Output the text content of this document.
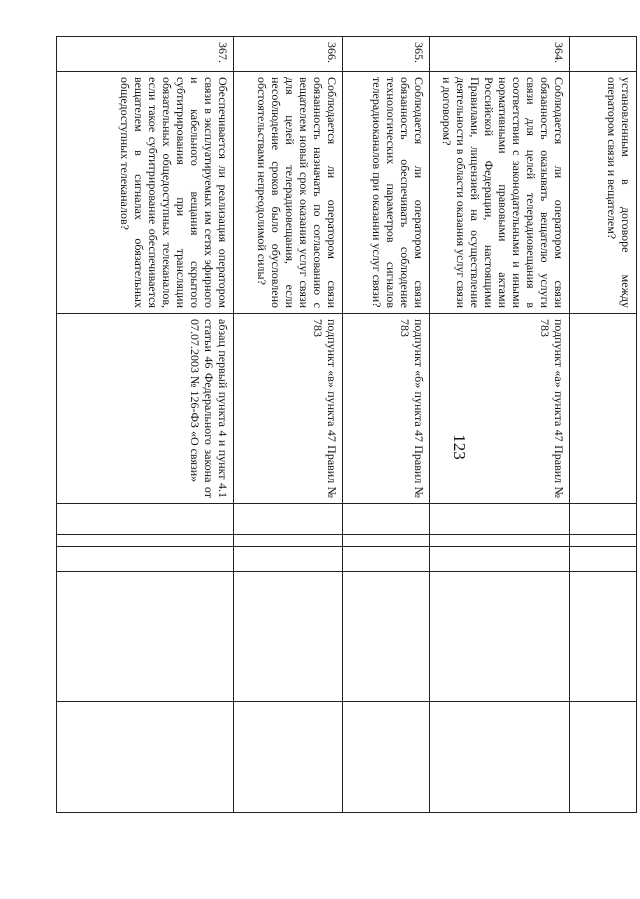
123
	установленным в договоре между оператором связи и вещателем?						
364.	Соблюдается ли оператором связи обязанность оказывать вещателю услуги связи для целей телерадиовещания в соответствии с законодательными и иными нормативными правовыми актами Российской Федерации, настоящими Правилами, лицензией на осуществление деятельности в области оказания услуг связи и договором?	подпункт «а» пункта 47 Правил № 783					
365.	Соблюдается ли оператором связи обязанность обеспечивать соблюдение технологических параметров сигналов телерадиоканалов при оказании услуг связи?	подпункт «б» пункта 47 Правил № 783					
366.	Соблюдается ли оператором связи обязанность назначать по согласованию с вещателем новый срок оказания услуг связи для целей телерадиовещания, если несоблюдение сроков было обусловлено обстоятельствами непреодолимой силы?	подпункт «в» пункта 47 Правил № 783					
367.	Обеспечивается ли реализация оператором связи в эксплуатируемых им сетях эфирного и кабельного вещания скрытого субтитрирования при трансляции обязательных общедоступных телеканалов, если такое субтитрирование обеспечивается вещателем в сигналах обязательных общедоступных телеканалов?	абзац первый пункта 4 и пункт 4.1 статьи 46 Федерального закона от 07.07.2003 № 126-ФЗ «О связи»					
